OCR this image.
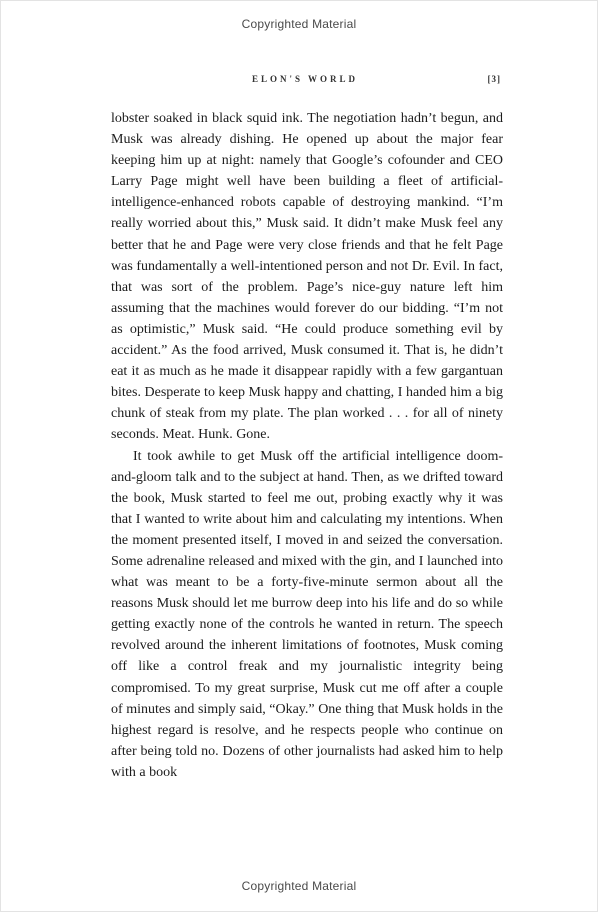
Copyrighted Material
ELON'S WORLD	[3]

lobster soaked in black squid ink. The negotiation hadn’t begun, and Musk was already dishing. He opened up about the major fear keeping him up at night: namely that Google’s cofounder and CEO Larry Page might well have been building a fleet of artificial-intelligence-enhanced robots capable of destroying mankind. “I’m really worried about this,” Musk said. It didn’t make Musk feel any better that he and Page were very close friends and that he felt Page was fundamentally a well-intentioned person and not Dr. Evil. In fact, that was sort of the problem. Page’s nice-guy nature left him assuming that the machines would forever do our bidding. “I’m not as optimistic,” Musk said. “He could produce something evil by accident.” As the food arrived, Musk consumed it. That is, he didn’t eat it as much as he made it disappear rapidly with a few gargantuan bites. Desperate to keep Musk happy and chatting, I handed him a big chunk of steak from my plate. The plan worked . . . for all of ninety seconds. Meat. Hunk. Gone.

It took awhile to get Musk off the artificial intelligence doom-and-gloom talk and to the subject at hand. Then, as we drifted toward the book, Musk started to feel me out, probing exactly why it was that I wanted to write about him and calculating my intentions. When the moment presented itself, I moved in and seized the conversation. Some adrenaline released and mixed with the gin, and I launched into what was meant to be a forty-five-minute sermon about all the reasons Musk should let me burrow deep into his life and do so while getting exactly none of the controls he wanted in return. The speech revolved around the inherent limitations of footnotes, Musk coming off like a control freak and my journalistic integrity being compromised. To my great surprise, Musk cut me off after a couple of minutes and simply said, “Okay.” One thing that Musk holds in the highest regard is resolve, and he respects people who continue on after being told no. Dozens of other journalists had asked him to help with a book

Copyrighted Material
